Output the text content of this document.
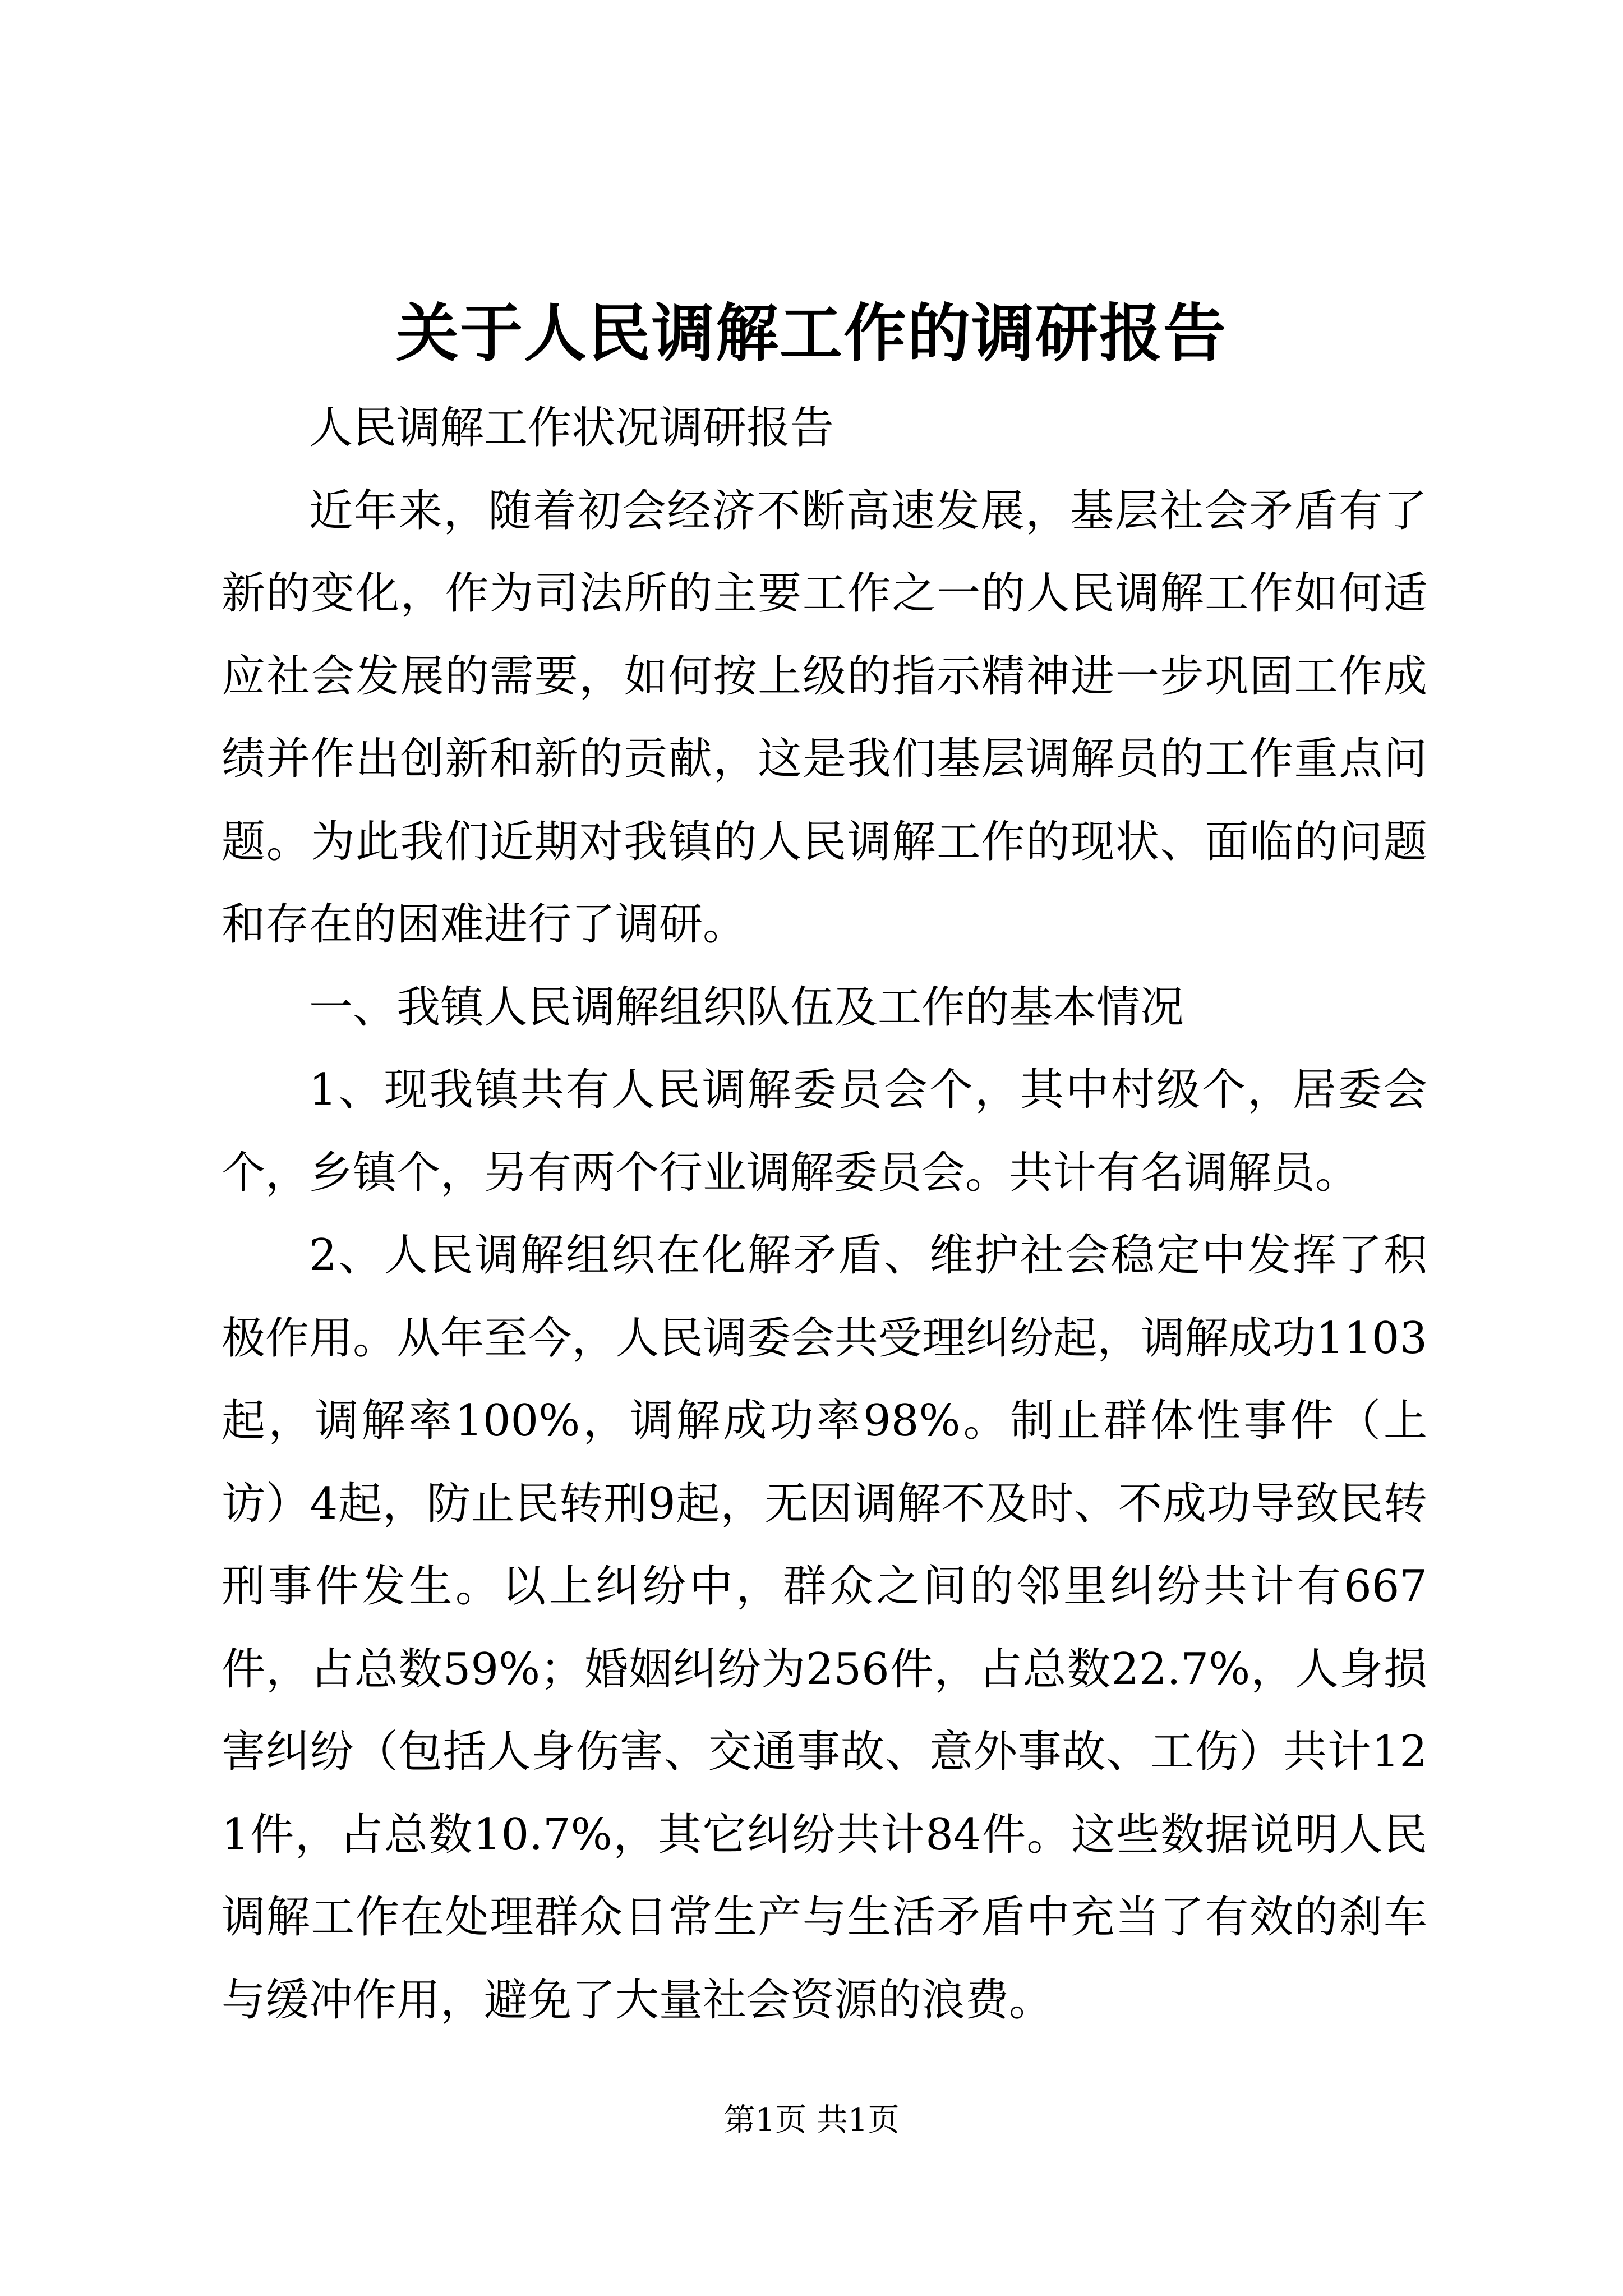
关于人民调解工作的调研报告

人民调解工作状况调研报告

近年来，随着初会经济不断高速发展，基层社会矛盾有了新的变化，作为司法所的主要工作之一的人民调解工作如何适应社会发展的需要，如何按上级的指示精神进一步巩固工作成绩并作出创新和新的贡献，这是我们基层调解员的工作重点问题。为此我们近期对我镇的人民调解工作的现状、面临的问题和存在的困难进行了调研。

一、我镇人民调解组织队伍及工作的基本情况

1、现我镇共有人民调解委员会个，其中村级个，居委会个，乡镇个，另有两个行业调解委员会。共计有名调解员。

2、人民调解组织在化解矛盾、维护社会稳定中发挥了积极作用。从年至今，人民调委会共受理纠纷起，调解成功1103起，调解率100%，调解成功率98%。制止群体性事件（上访）4起，防止民转刑9起，无因调解不及时、不成功导致民转刑事件发生。以上纠纷中，群众之间的邻里纠纷共计有667件，占总数59%；婚姻纠纷为256件，占总数22.7%，人身损害纠纷（包括人身伤害、交通事故、意外事故、工伤）共计121件，占总数10.7%，其它纠纷共计84件。这些数据说明人民调解工作在处理群众日常生产与生活矛盾中充当了有效的刹车与缓冲作用，避免了大量社会资源的浪费。

第1页 共1页
